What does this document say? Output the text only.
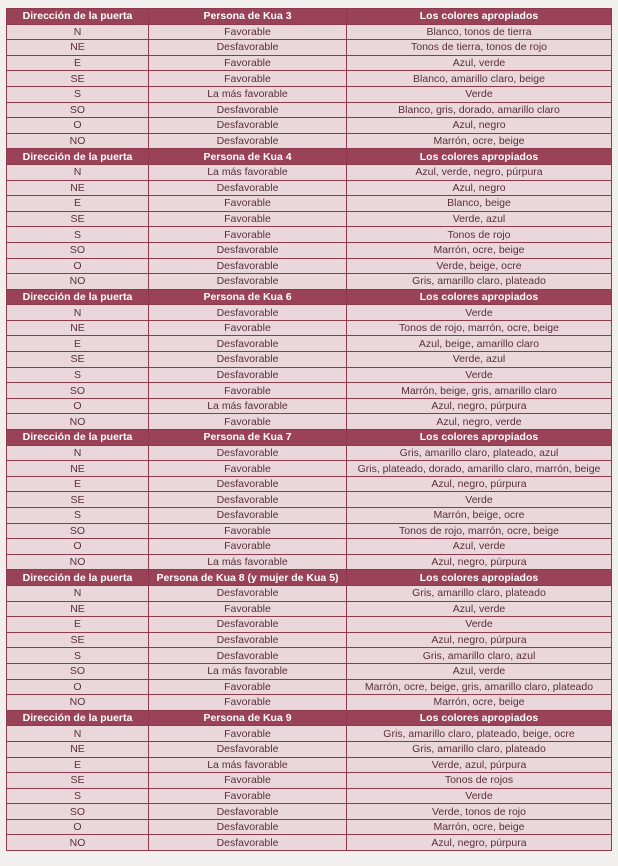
Dirección de la puerta	Persona de Kua 3	Los colores apropiados
N	Favorable	Blanco, tonos de tierra
NE	Desfavorable	Tonos de tierra, tonos de rojo
E	Favorable	Azul, verde
SE	Favorable	Blanco, amarillo claro, beige
S	La más favorable	Verde
SO	Desfavorable	Blanco, gris, dorado, amarillo claro
O	Desfavorable	Azul, negro
NO	Desfavorable	Marrón, ocre, beige
Dirección de la puerta	Persona de Kua 4	Los colores apropiados
N	La más favorable	Azul, verde, negro, púrpura
NE	Desfavorable	Azul, negro
E	Favorable	Blanco, beige
SE	Favorable	Verde, azul
S	Favorable	Tonos de rojo
SO	Desfavorable	Marrón, ocre, beige
O	Desfavorable	Verde, beige, ocre
NO	Desfavorable	Gris, amarillo claro, plateado
Dirección de la puerta	Persona de Kua 6	Los colores apropiados
N	Desfavorable	Verde
NE	Favorable	Tonos de rojo, marrón, ocre, beige
E	Desfavorable	Azul, beige, amarillo claro
SE	Desfavorable	Verde, azul
S	Desfavorable	Verde
SO	Favorable	Marrón, beige, gris, amarillo claro
O	La más favorable	Azul, negro, púrpura
NO	Favorable	Azul, negro, verde
Dirección de la puerta	Persona de Kua 7	Los colores apropiados
N	Desfavorable	Gris, amarillo claro, plateado, azul
NE	Favorable	Gris, plateado, dorado, amarillo claro, marrón, beige
E	Desfavorable	Azul, negro, púrpura
SE	Desfavorable	Verde
S	Desfavorable	Marrón, beige, ocre
SO	Favorable	Tonos de rojo, marrón, ocre, beige
O	Favorable	Azul, verde
NO	La más favorable	Azul, negro, púrpura
Dirección de la puerta	Persona de Kua 8 (y mujer de Kua 5)	Los colores apropiados
N	Desfavorable	Gris, amarillo claro, plateado
NE	Favorable	Azul, verde
E	Desfavorable	Verde
SE	Desfavorable	Azul, negro, púrpura
S	Desfavorable	Gris, amarillo claro, azul
SO	La más favorable	Azul, verde
O	Favorable	Marrón, ocre, beige, gris, amarillo claro, plateado
NO	Favorable	Marrón, ocre, beige
Dirección de la puerta	Persona de Kua 9	Los colores apropiados
N	Favorable	Gris, amarillo claro, plateado, beige, ocre
NE	Desfavorable	Gris, amarillo claro, plateado
E	La más favorable	Verde, azul, púrpura
SE	Favorable	Tonos de rojos
S	Favorable	Verde
SO	Desfavorable	Verde, tonos de rojo
O	Desfavorable	Marrón, ocre, beige
NO	Desfavorable	Azul, negro, púrpura
